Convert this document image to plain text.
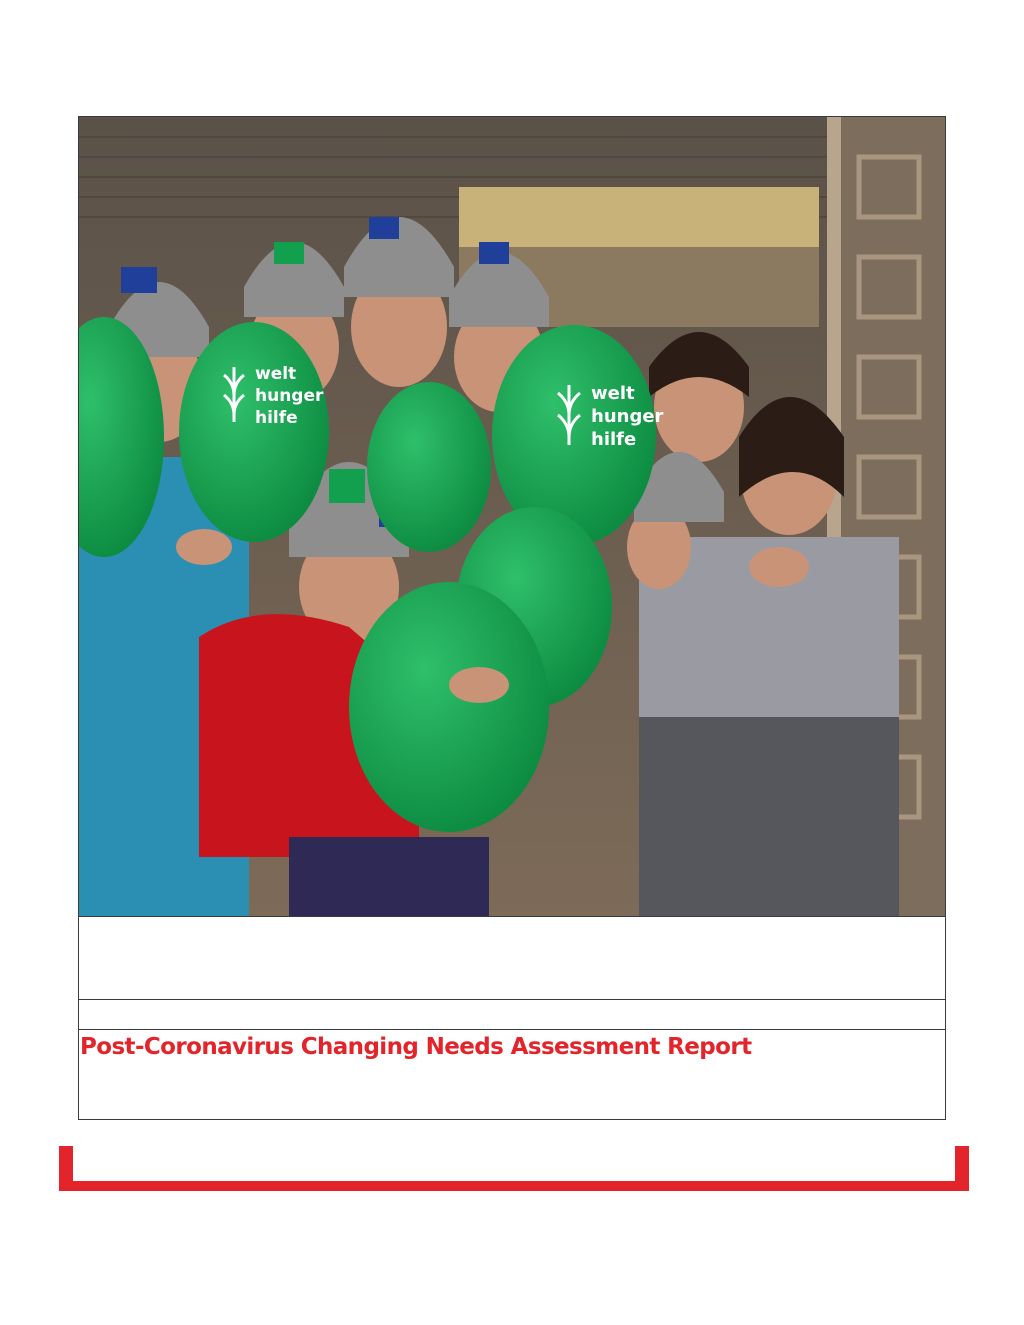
welt
hunger
hilfe
welt
hunger
hilfe
Post-Coronavirus Changing Needs Assessment Report
